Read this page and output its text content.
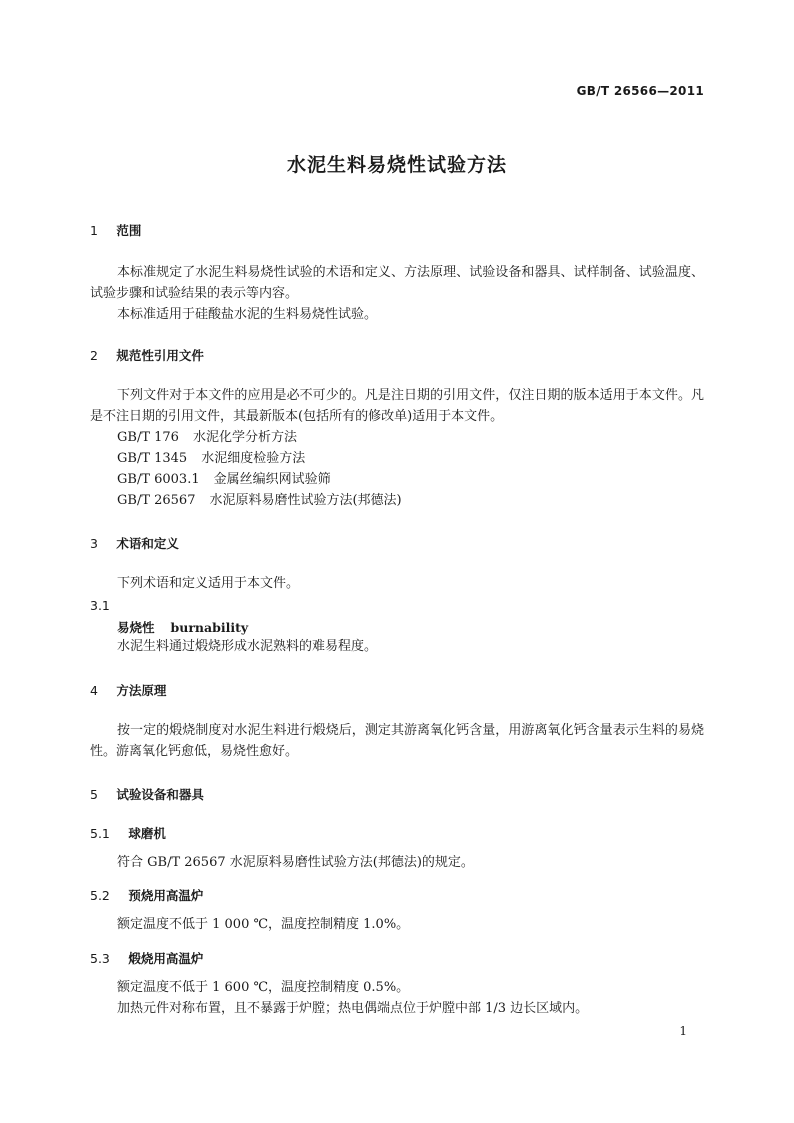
GB/T 26566—2011
水泥生料易烧性试验方法
1 范围
本标准规定了水泥生料易烧性试验的术语和定义、方法原理、试验设备和器具、试样制备、试验温度、试验步骤和试验结果的表示等内容。
本标准适用于硅酸盐水泥的生料易烧性试验。
2 规范性引用文件
下列文件对于本文件的应用是必不可少的。凡是注日期的引用文件，仅注日期的版本适用于本文件。凡是不注日期的引用文件，其最新版本(包括所有的修改单)适用于本文件。
GB/T 176 水泥化学分析方法
GB/T 1345 水泥细度检验方法
GB/T 6003.1 金属丝编织网试验筛
GB/T 26567 水泥原料易磨性试验方法(邦德法)
3 术语和定义
下列术语和定义适用于本文件。
3.1
易烧性 burnability
水泥生料通过煅烧形成水泥熟料的难易程度。
4 方法原理
按一定的煅烧制度对水泥生料进行煅烧后，测定其游离氧化钙含量，用游离氧化钙含量表示生料的易烧性。游离氧化钙愈低，易烧性愈好。
5 试验设备和器具
5.1 球磨机
符合 GB/T 26567 水泥原料易磨性试验方法(邦德法)的规定。
5.2 预烧用高温炉
额定温度不低于 1 000 ℃，温度控制精度 1.0%。
5.3 煅烧用高温炉
额定温度不低于 1 600 ℃，温度控制精度 0.5%。
加热元件对称布置，且不暴露于炉膛；热电偶端点位于炉膛中部 1/3 边长区域内。
1
